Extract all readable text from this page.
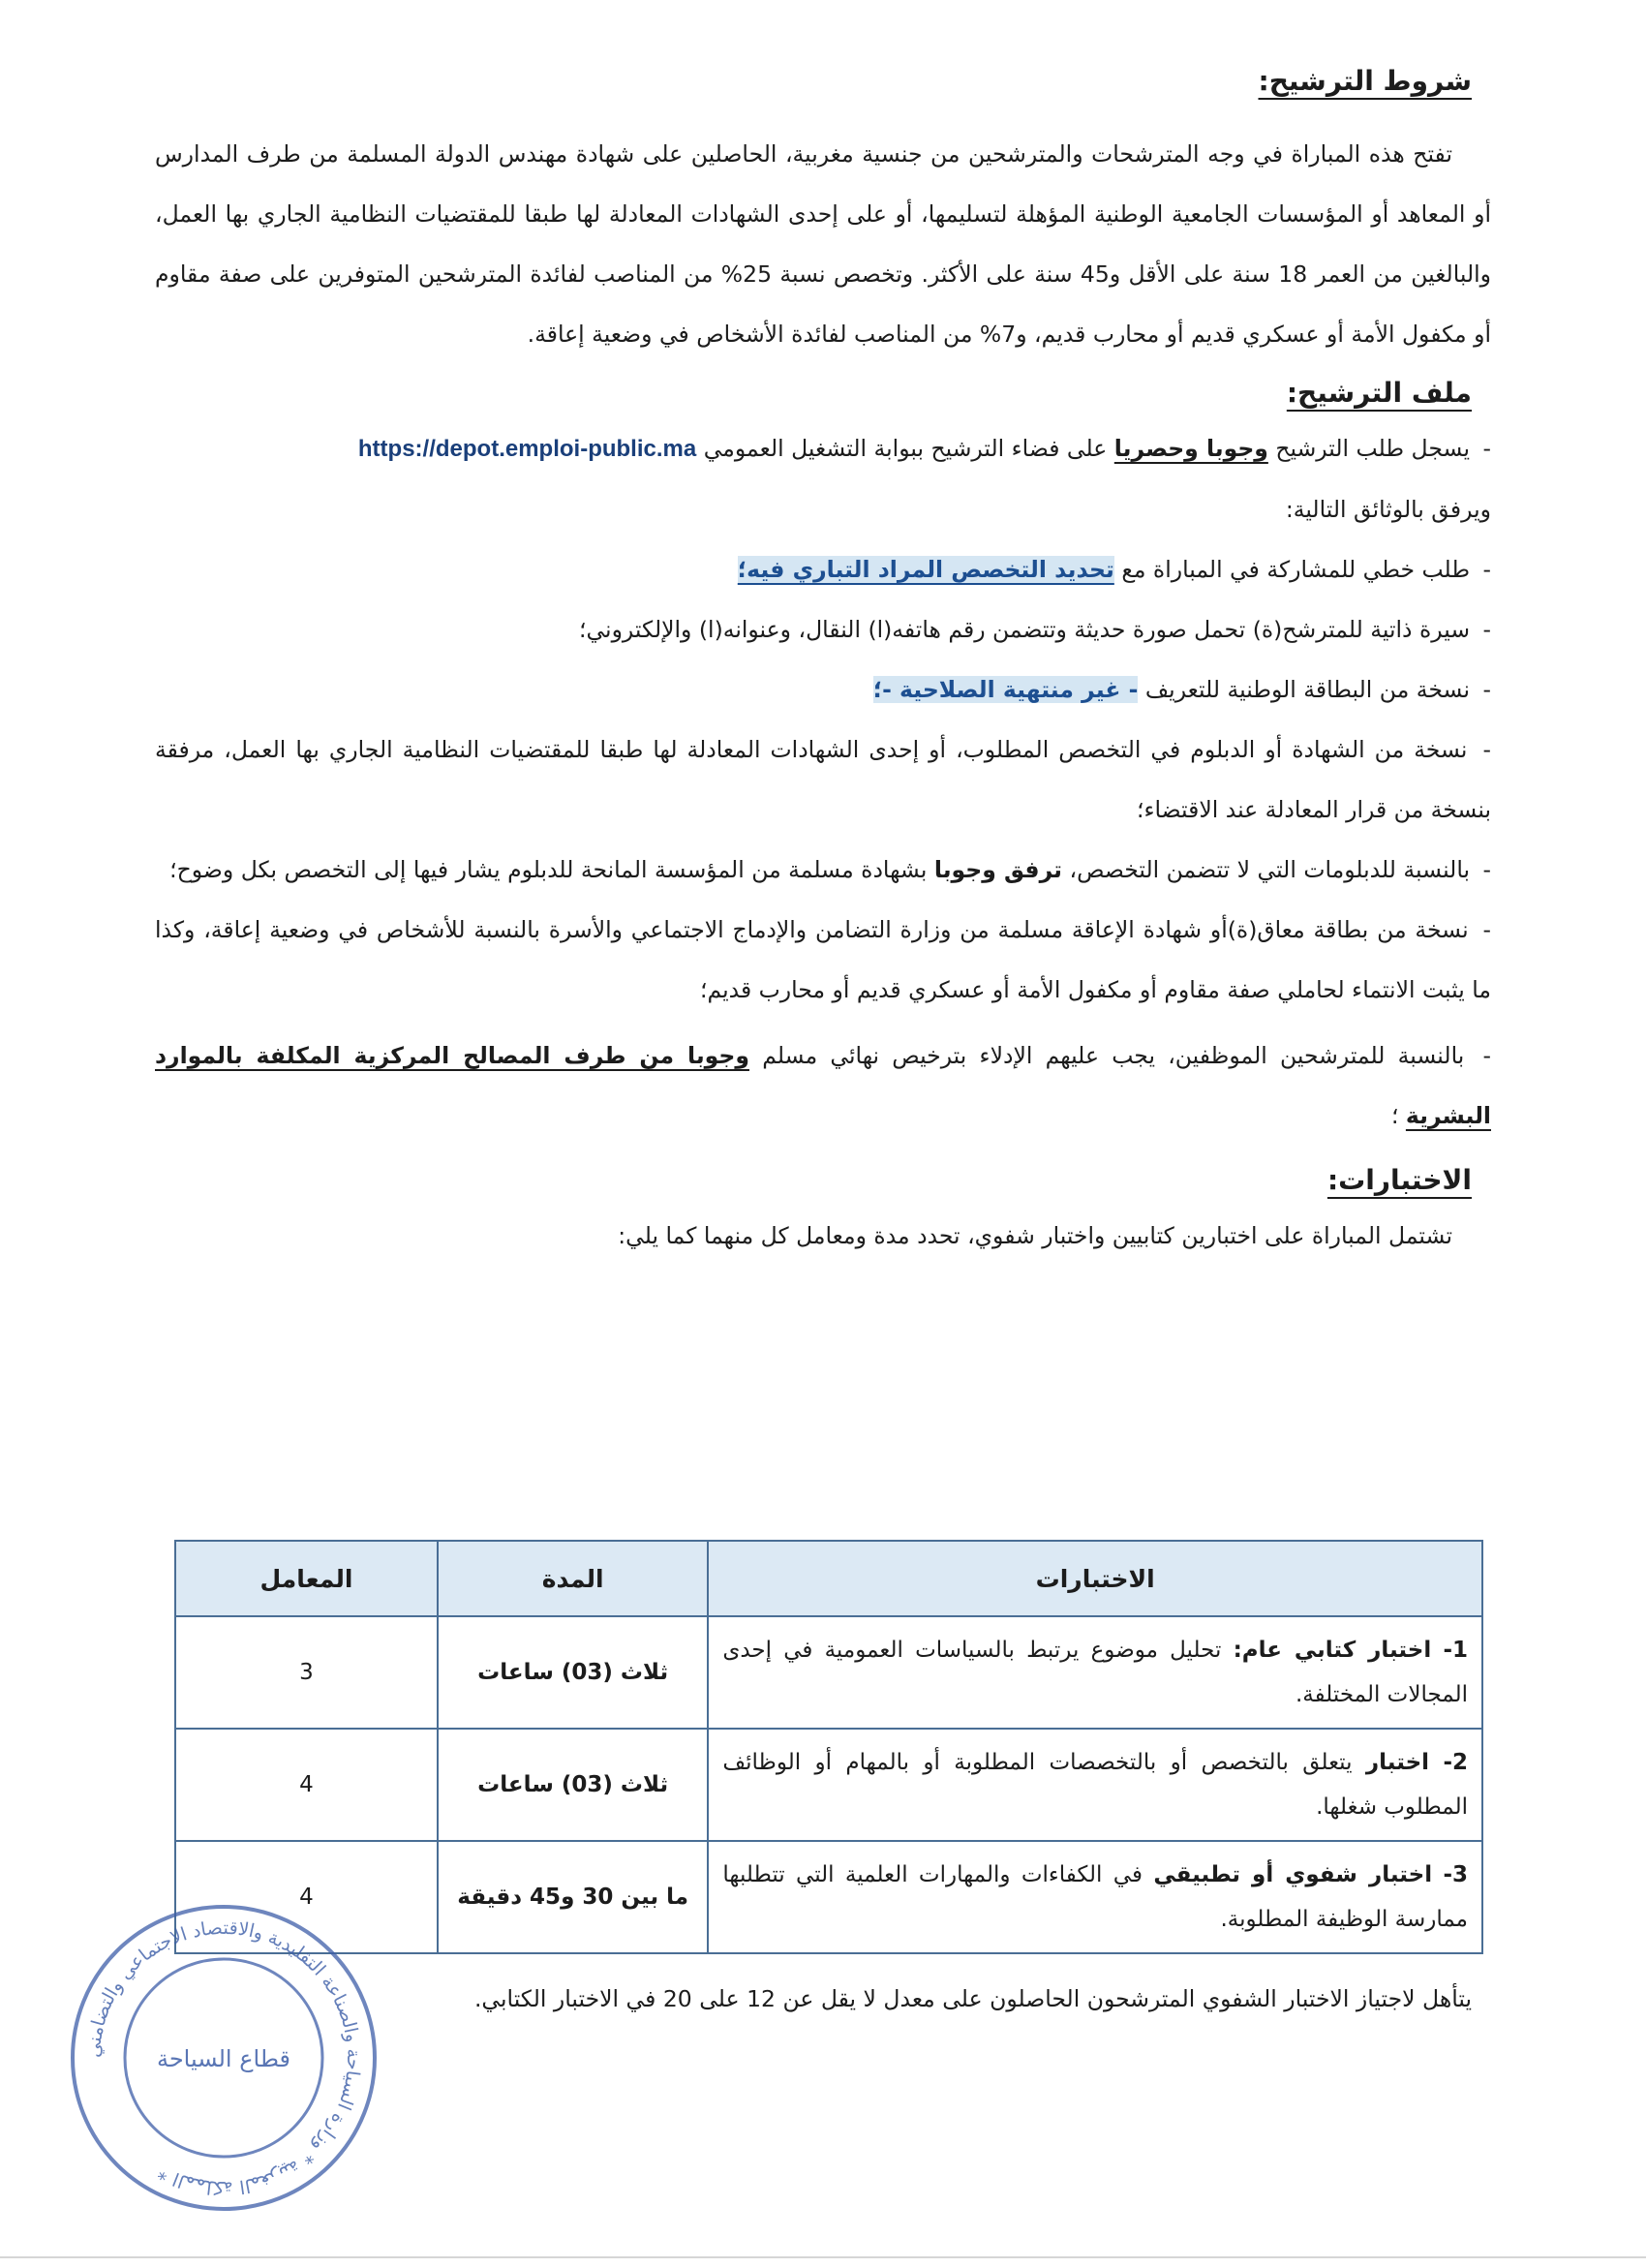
شروط الترشيح:

تفتح هذه المباراة في وجه المترشحات والمترشحين من جنسية مغربية، الحاصلين على شهادة مهندس الدولة المسلمة من طرف المدارس أو المعاهد أو المؤسسات الجامعية الوطنية المؤهلة لتسليمها، أو على إحدى الشهادات المعادلة لها طبقا للمقتضيات النظامية الجاري بها العمل، والبالغين من العمر 18 سنة على الأقل و45 سنة على الأكثر. وتخصص نسبة 25% من المناصب لفائدة المترشحين المتوفرين على صفة مقاوم أو مكفول الأمة أو عسكري قديم أو محارب قديم، و7% من المناصب لفائدة الأشخاص في وضعية إعاقة.

ملف الترشيح:

- يسجل طلب الترشيح وجوبا وحصريا على فضاء الترشيح ببوابة التشغيل العمومي https://depot.emploi-public.ma

ويرفق بالوثائق التالية:

- طلب خطي للمشاركة في المباراة مع تحديد التخصص المراد التباري فيه؛

- سيرة ذاتية للمترشح(ة) تحمل صورة حديثة وتتضمن رقم هاتفه(ا) النقال، وعنوانه(ا) والإلكتروني؛

- نسخة من البطاقة الوطنية للتعريف - غير منتهية الصلاحية -؛

- نسخة من الشهادة أو الدبلوم في التخصص المطلوب، أو إحدى الشهادات المعادلة لها طبقا للمقتضيات النظامية الجاري بها العمل، مرفقة بنسخة من قرار المعادلة عند الاقتضاء؛

- بالنسبة للدبلومات التي لا تتضمن التخصص، ترفق وجوبا بشهادة مسلمة من المؤسسة المانحة للدبلوم يشار فيها إلى التخصص بكل وضوح؛

- نسخة من بطاقة معاق(ة)أو شهادة الإعاقة مسلمة من وزارة التضامن والإدماج الاجتماعي والأسرة بالنسبة للأشخاص في وضعية إعاقة، وكذا ما يثبت الانتماء لحاملي صفة مقاوم أو مكفول الأمة أو عسكري قديم أو محارب قديم؛

- بالنسبة للمترشحين الموظفين، يجب عليهم الإدلاء بترخيص نهائي مسلم وجوبا من طرف المصالح المركزية المكلفة بالموارد البشرية ؛

الاختبارات:

تشتمل المباراة على اختبارين كتابيين واختبار شفوي، تحدد مدة ومعامل كل منهما كما يلي:

الاختبارات	المدة	المعامل
1- اختبار كتابي عام: تحليل موضوع يرتبط بالسياسات العمومية في إحدى المجالات المختلفة.	ثلاث (03) ساعات	3
2- اختبار يتعلق بالتخصص أو بالتخصصات المطلوبة أو بالمهام أو الوظائف المطلوب شغلها.	ثلاث (03) ساعات	4
3- اختبار شفوي أو تطبيقي في الكفاءات والمهارات العلمية التي تتطلبها ممارسة الوظيفة المطلوبة.	ما بين 30 و45 دقيقة	4
يتأهل لاجتياز الاختبار الشفوي المترشحون الحاصلون على معدل لا يقل عن 12 على 20 في الاختبار الكتابي.
المملكة المغربية * وزارة السياحة والصناعة التقليدية والاقتصاد الاجتماعي والتضامني *
قطاع السياحة
